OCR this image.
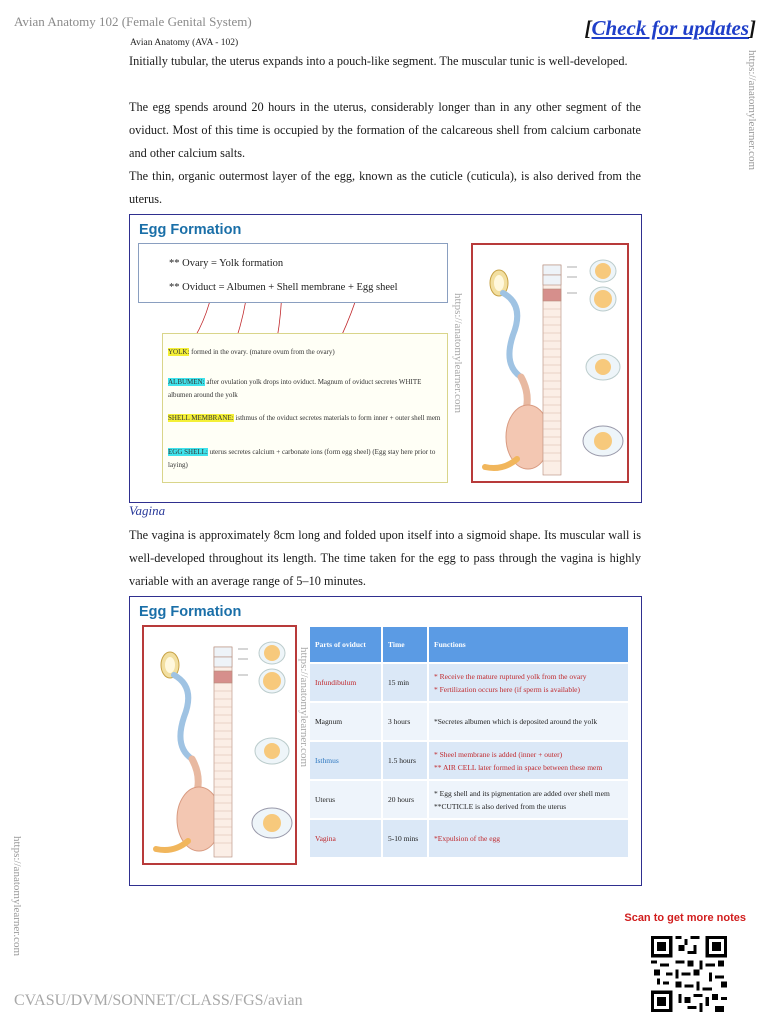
Avian Anatomy 102 (Female Genital System)
Avian Anatomy (AVA - 102)
[Check for updates]
https://anatomylearner.com
https://anatomylearner.com

Initially tubular, the uterus expands into a pouch-like segment. The muscular tunic is well-developed.

The egg spends around 20 hours in the uterus, considerably longer than in any other segment of the oviduct. Most of this time is occupied by the formation of the calcareous shell from calcium carbonate and other calcium salts.

The thin, organic outermost layer of the egg, known as the cuticle (cuticula), is also derived from the uterus.

Egg Formation
** Ovary = Yolk formation
** Oviduct = Albumen + Shell membrane + Egg sheel
YOLK: formed in the ovary. (mature ovum from the ovary)
ALBUMEN: after ovulation yolk drops into oviduct. Magnum of oviduct secretes WHITE albumen around the yolk
SHELL MEMBRANE: isthmus of the oviduct secretes materials to form inner + outer shell mem
EGG SHELL: uterus secretes calcium + carbonate ions (form egg sheel) (Egg stay here prior to laying)
https://anatomylearner.com
Vagina

The vagina is approximately 8cm long and folded upon itself into a sigmoid shape. Its muscular wall is well-developed throughout its length. The time taken for the egg to pass through the vagina is highly variable with an average range of 5–10 minutes.

Egg Formation
https://anatomylearner.com
Parts of oviduct	Time	Functions
Infundibulum	15 min	* Receive the mature ruptured yolk from the ovary
* Fertilization occurs here (if sperm is available)

Magnum	3 hours	*Secretes albumen which is deposited around the yolk

Isthmus	1.5 hours	* Sheel membrane is added (inner + outer)
** AIR CELL later formed in space between these mem

Uterus	20 hours	* Egg shell and its pigmentation are added over shell mem
**CUTICLE is also derived from the uterus

Vagina	5-10 mins	*Expulsion of the egg
Scan to get more notes
CVASU/DVM/SONNET/CLASS/FGS/avian
